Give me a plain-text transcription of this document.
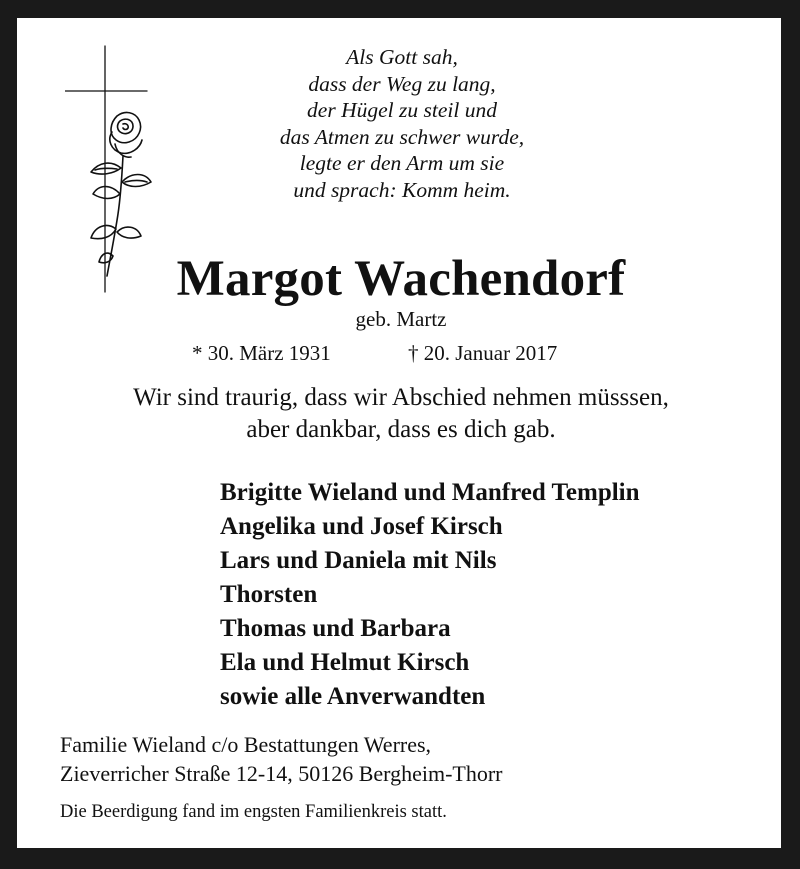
Als Gott sah,
dass der Weg zu lang,
der Hügel zu steil und
das Atmen zu schwer wurde,
legte er den Arm um sie
und sprach: Komm heim.
Margot Wachendorf
geb. Martz
* 30. März 1931	† 20. Januar 2017
Wir sind traurig, dass wir Abschied nehmen müsssen,
aber dankbar, dass es dich gab.
Brigitte Wieland und Manfred Templin
Angelika und Josef Kirsch
Lars und Daniela mit Nils
Thorsten
Thomas und Barbara
Ela und Helmut Kirsch
sowie alle Anverwandten
Familie Wieland c/o Bestattungen Werres,
Zieverricher Straße 12-14, 50126 Bergheim-Thorr
Die Beerdigung fand im engsten Familienkreis statt.
